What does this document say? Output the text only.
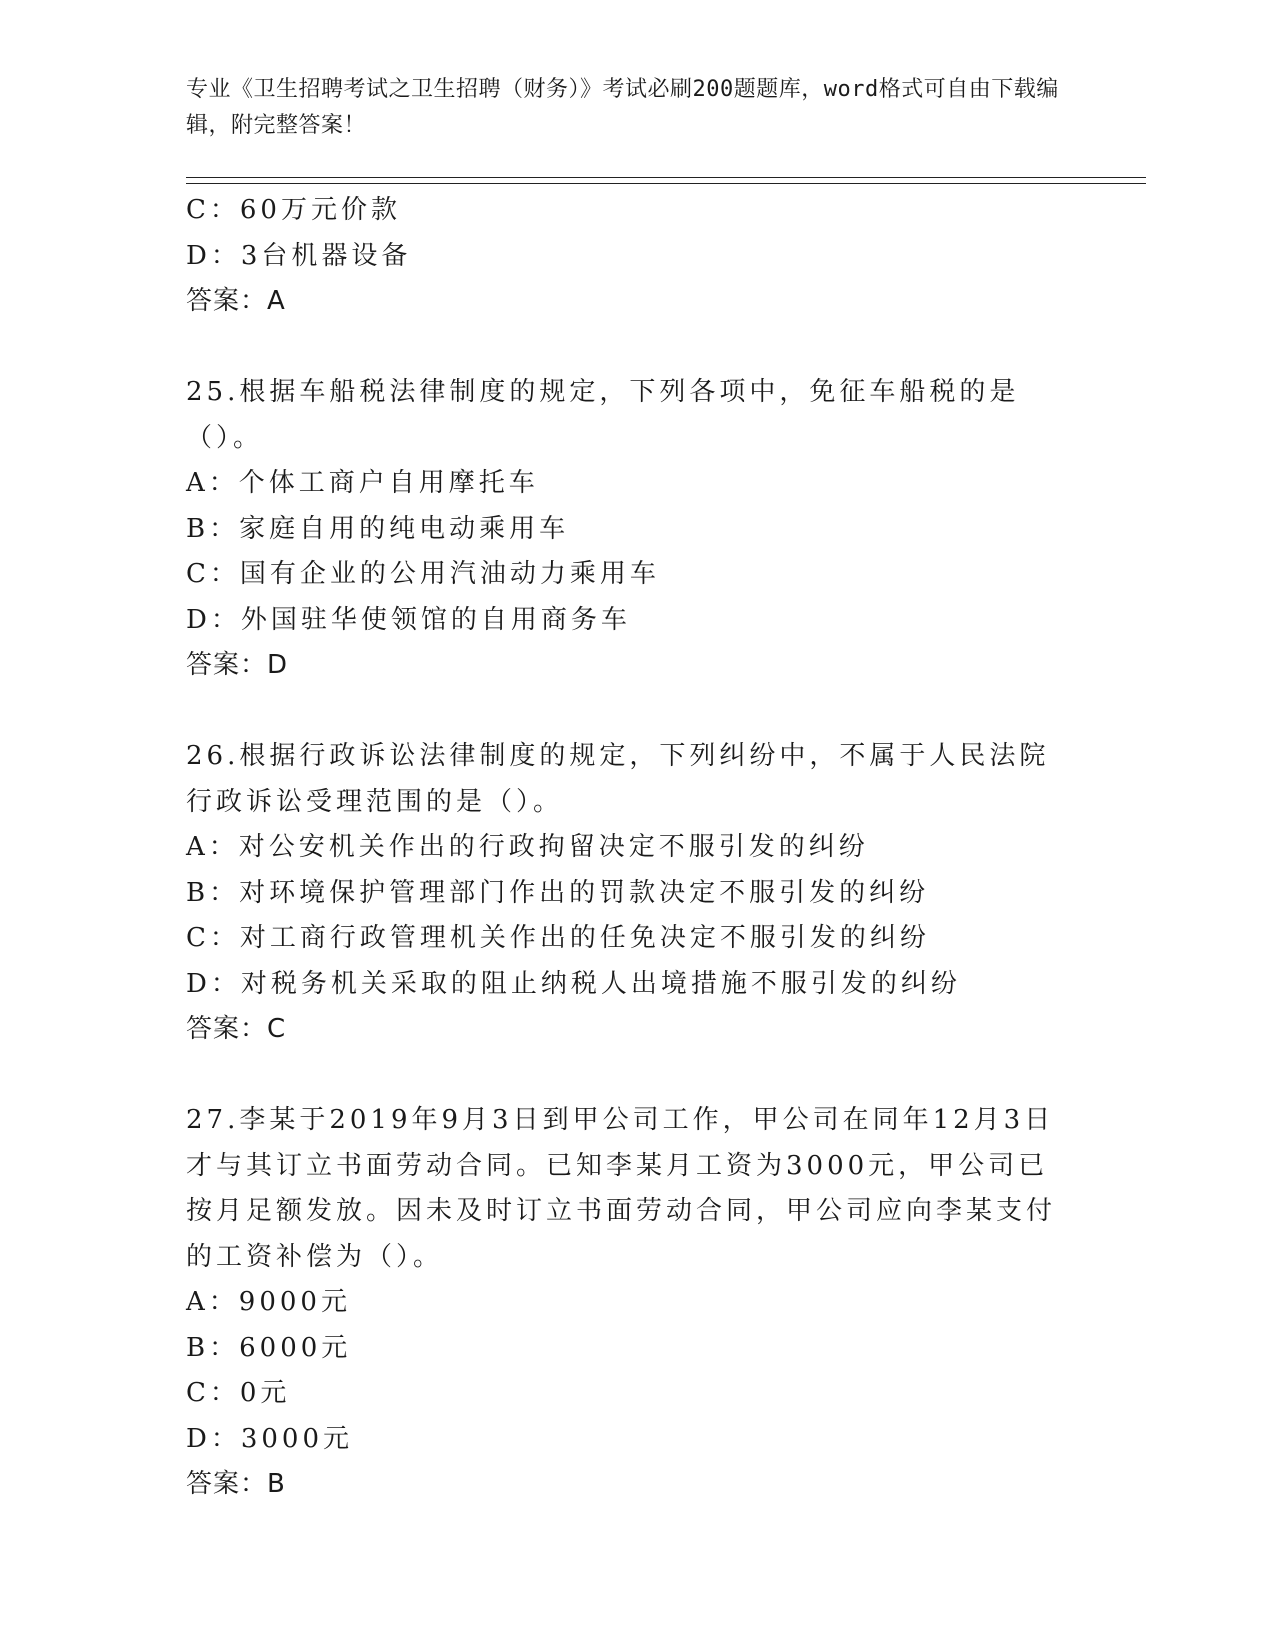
专业《卫生招聘考试之卫生招聘（财务）》考试必刷200题题库，word格式可自由下载编辑，附完整答案！
C：60万元价款
D：3台机器设备
答案：A
25.根据车船税法律制度的规定，下列各项中，免征车船税的是（）。
A：个体工商户自用摩托车
B：家庭自用的纯电动乘用车
C：国有企业的公用汽油动力乘用车
D：外国驻华使领馆的自用商务车
答案：D
26.根据行政诉讼法律制度的规定，下列纠纷中，不属于人民法院行政诉讼受理范围的是（）。
A：对公安机关作出的行政拘留决定不服引发的纠纷
B：对环境保护管理部门作出的罚款决定不服引发的纠纷
C：对工商行政管理机关作出的任免决定不服引发的纠纷
D：对税务机关采取的阻止纳税人出境措施不服引发的纠纷
答案：C
27.李某于2019年9月3日到甲公司工作，甲公司在同年12月3日才与其订立书面劳动合同。已知李某月工资为3000元，甲公司已按月足额发放。因未及时订立书面劳动合同，甲公司应向李某支付的工资补偿为（）。
A：9000元
B：6000元
C：0元
D：3000元
答案：B
